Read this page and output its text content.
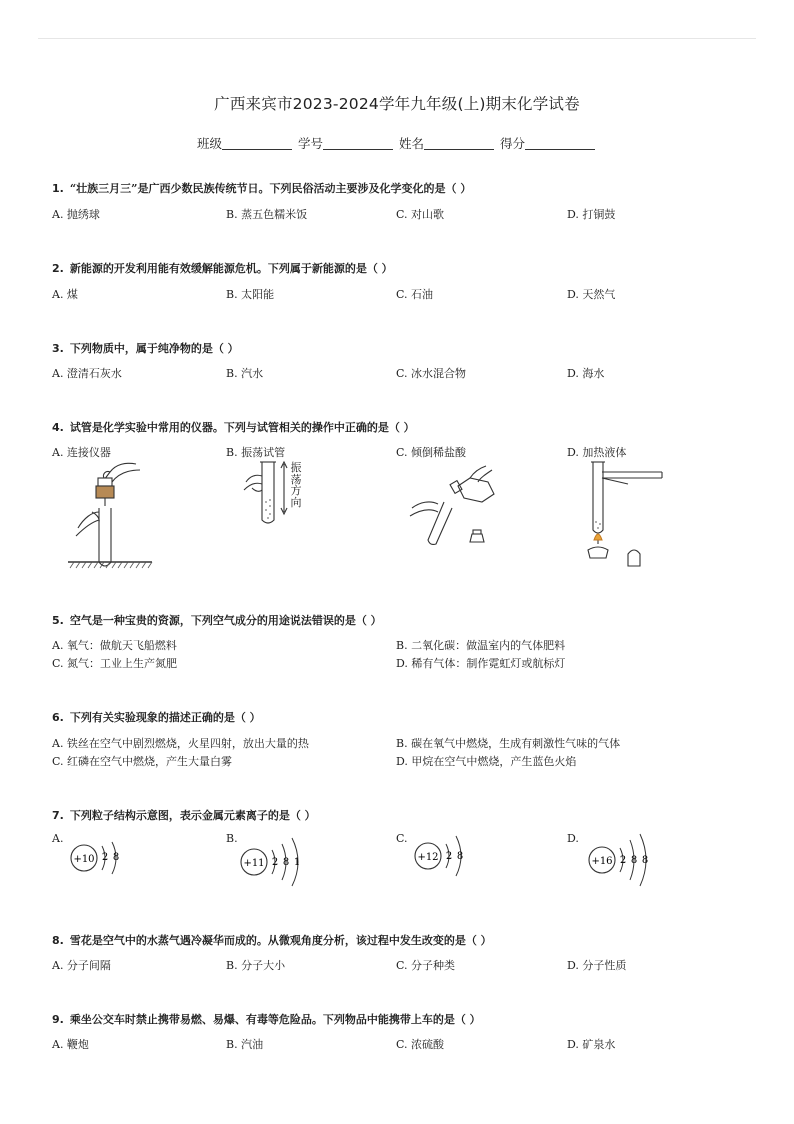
广西来宾市2023-2024学年九年级(上)期末化学试卷
班级	学号	姓名	得分
1. “壮族三月三”是广西少数民族传统节日。下列民俗活动主要涉及化学变化的是（ ）
A. 抛绣球	B. 蒸五色糯米饭	C. 对山歌	D. 打铜鼓
2. 新能源的开发利用能有效缓解能源危机。下列属于新能源的是（ ）
A. 煤	B. 太阳能	C. 石油	D. 天然气
3. 下列物质中，属于纯净物的是（ ）
A. 澄清石灰水	B. 汽水	C. 冰水混合物	D. 海水
4. 试管是化学实验中常用的仪器。下列与试管相关的操作中正确的是（ ）
A. 连接仪器	B. 振荡试管	C. 倾倒稀盐酸	D. 加热液体
振
荡
方
向
5. 空气是一种宝贵的资源，下列空气成分的用途说法错误的是（ ）
A. 氧气：做航天飞船燃料	B. 二氧化碳：做温室内的气体肥料
C. 氮气：工业上生产氮肥	D. 稀有气体：制作霓虹灯或航标灯
6. 下列有关实验现象的描述正确的是（ ）
A. 铁丝在空气中剧烈燃烧，火星四射，放出大量的热	B. 碳在氧气中燃烧，生成有刺激性气味的气体
C. 红磷在空气中燃烧，产生大量白雾	D. 甲烷在空气中燃烧，产生蓝色火焰
7. 下列粒子结构示意图，表示金属元素离子的是（ ）
A.	B.	C.	D.
+10 2 8
+11 2 8 1	+12 2 8	+16 2 8 8
8. 雪花是空气中的水蒸气遇冷凝华而成的。从微观角度分析，该过程中发生改变的是（ ）
A. 分子间隔	B. 分子大小	C. 分子种类	D. 分子性质
9. 乘坐公交车时禁止携带易燃、易爆、有毒等危险品。下列物品中能携带上车的是（ ）
A. 鞭炮	B. 汽油	C. 浓硫酸	D. 矿泉水
